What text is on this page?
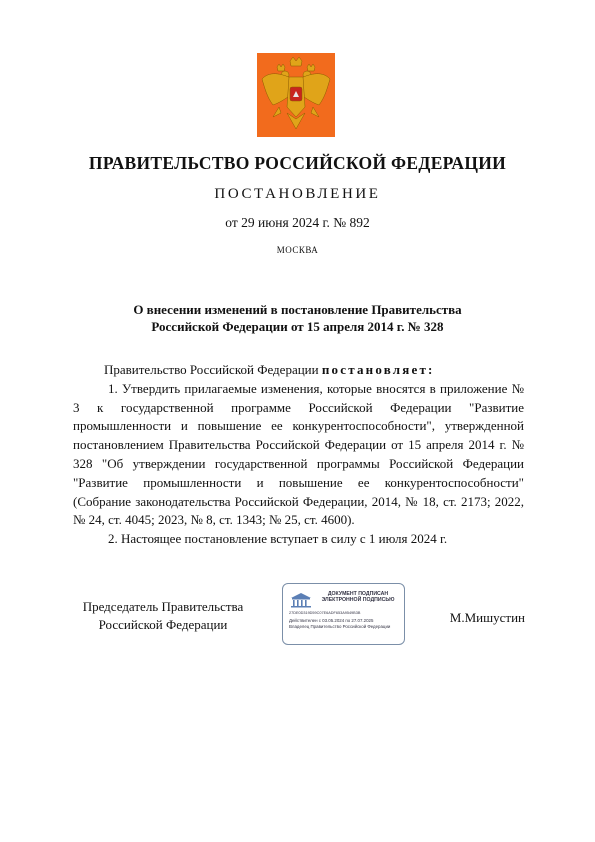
ПРАВИТЕЛЬСТВО РОССИЙСКОЙ ФЕДЕРАЦИИ
ПОСТАНОВЛЕНИЕ
от 29 июня 2024 г. № 892
МОСКВА
О внесении изменений в постановление Правительства
Российской Федерации от 15 апреля 2014 г. № 328

Правительство Российской Федерации постановляет:

1. Утвердить прилагаемые изменения, которые вносятся в приложение № 3 к государственной программе Российской Федерации "Развитие промышленности и повышение ее конкурентоспособности", утвержденной постановлением Правительства Российской Федерации от 15 апреля 2014 г. № 328 "Об утверждении государственной программы Российской Федерации "Развитие промышленности и повышение ее конкурентоспособности" (Собрание законодательства Российской Федерации, 2014, № 18, ст. 2173; 2022, № 24, ст. 4045; 2023, № 8, ст. 1343; № 25, ст. 4600).

2. Настоящее постановление вступает в силу с 1 июля 2024 г.

Председатель Правительства
Российской Федерации
ДОКУМЕНТ ПОДПИСАН
ЭЛЕКТРОННОЙ ПОДПИСЬЮ
27DE0D319D59C07E6ADF653A9549B3B
Действителен с 03.05.2024 по 27.07.2025
Владелец Правительство Российской Федерации
М.Мишустин
